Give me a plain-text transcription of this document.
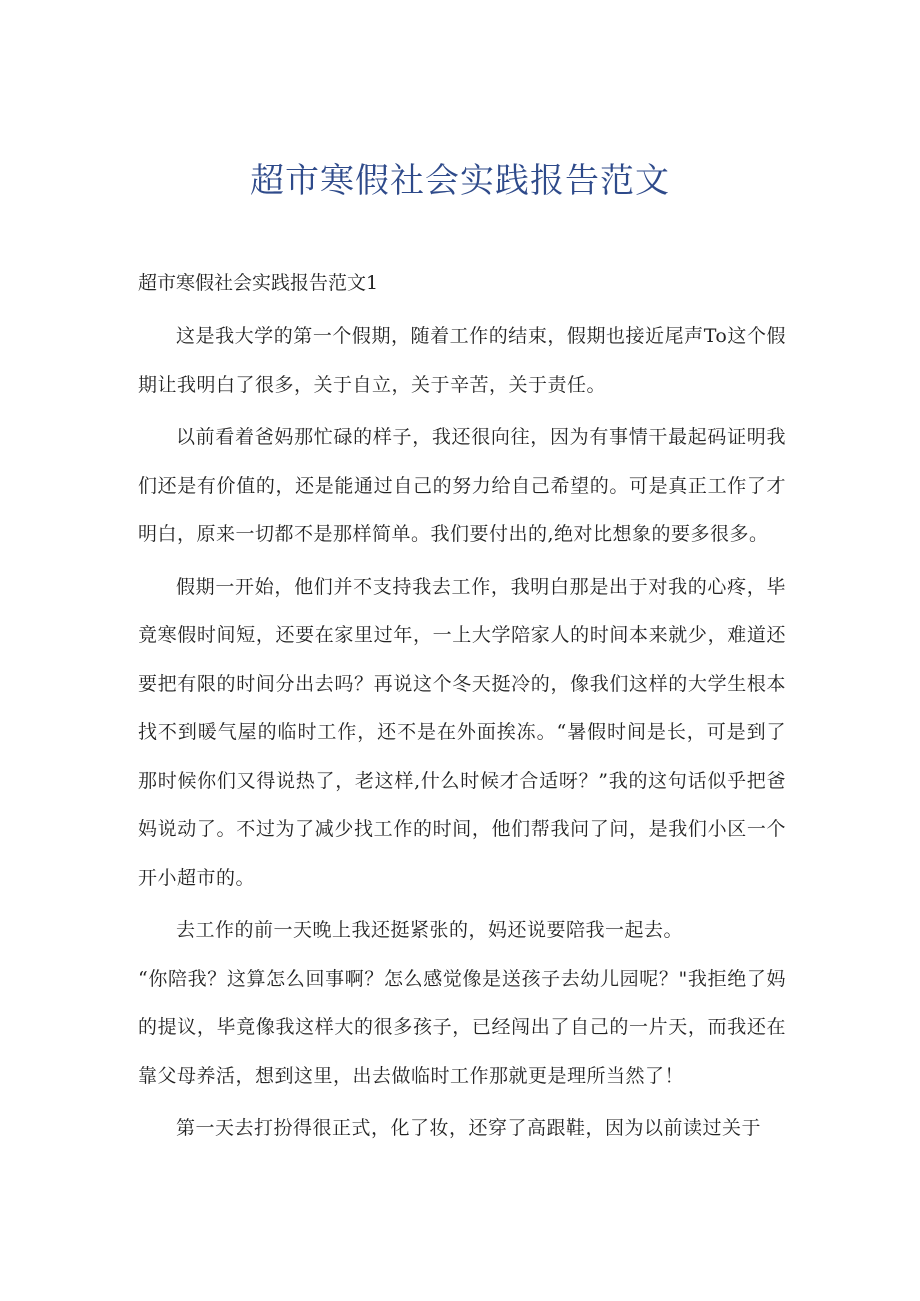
超市寒假社会实践报告范文
超市寒假社会实践报告范文1

这是我大学的第一个假期，随着工作的结束，假期也接近尾声To这个假期让我明白了很多，关于自立，关于辛苦，关于责任。

以前看着爸妈那忙碌的样子，我还很向往，因为有事情干最起码证明我们还是有价值的，还是能通过自己的努力给自己希望的。可是真正工作了才明白，原来一切都不是那样简单。我们要付出的,绝对比想象的要多很多。

假期一开始，他们并不支持我去工作，我明白那是出于对我的心疼，毕竟寒假时间短，还要在家里过年，一上大学陪家人的时间本来就少，难道还要把有限的时间分出去吗？再说这个冬天挺冷的，像我们这样的大学生根本找不到暖气屋的临时工作，还不是在外面挨冻。“暑假时间是长，可是到了那时候你们又得说热了，老这样,什么时候才合适呀？”我的这句话似乎把爸妈说动了。不过为了减少找工作的时间，他们帮我问了问，是我们小区一个开小超市的。

去工作的前一天晚上我还挺紧张的，妈还说要陪我一起去。

“你陪我？这算怎么回事啊？怎么感觉像是送孩子去幼儿园呢？"我拒绝了妈的提议，毕竟像我这样大的很多孩子，已经闯出了自己的一片天，而我还在靠父母养活，想到这里，出去做临时工作那就更是理所当然了！

第一天去打扮得很正式，化了妆，还穿了高跟鞋，因为以前读过关于
